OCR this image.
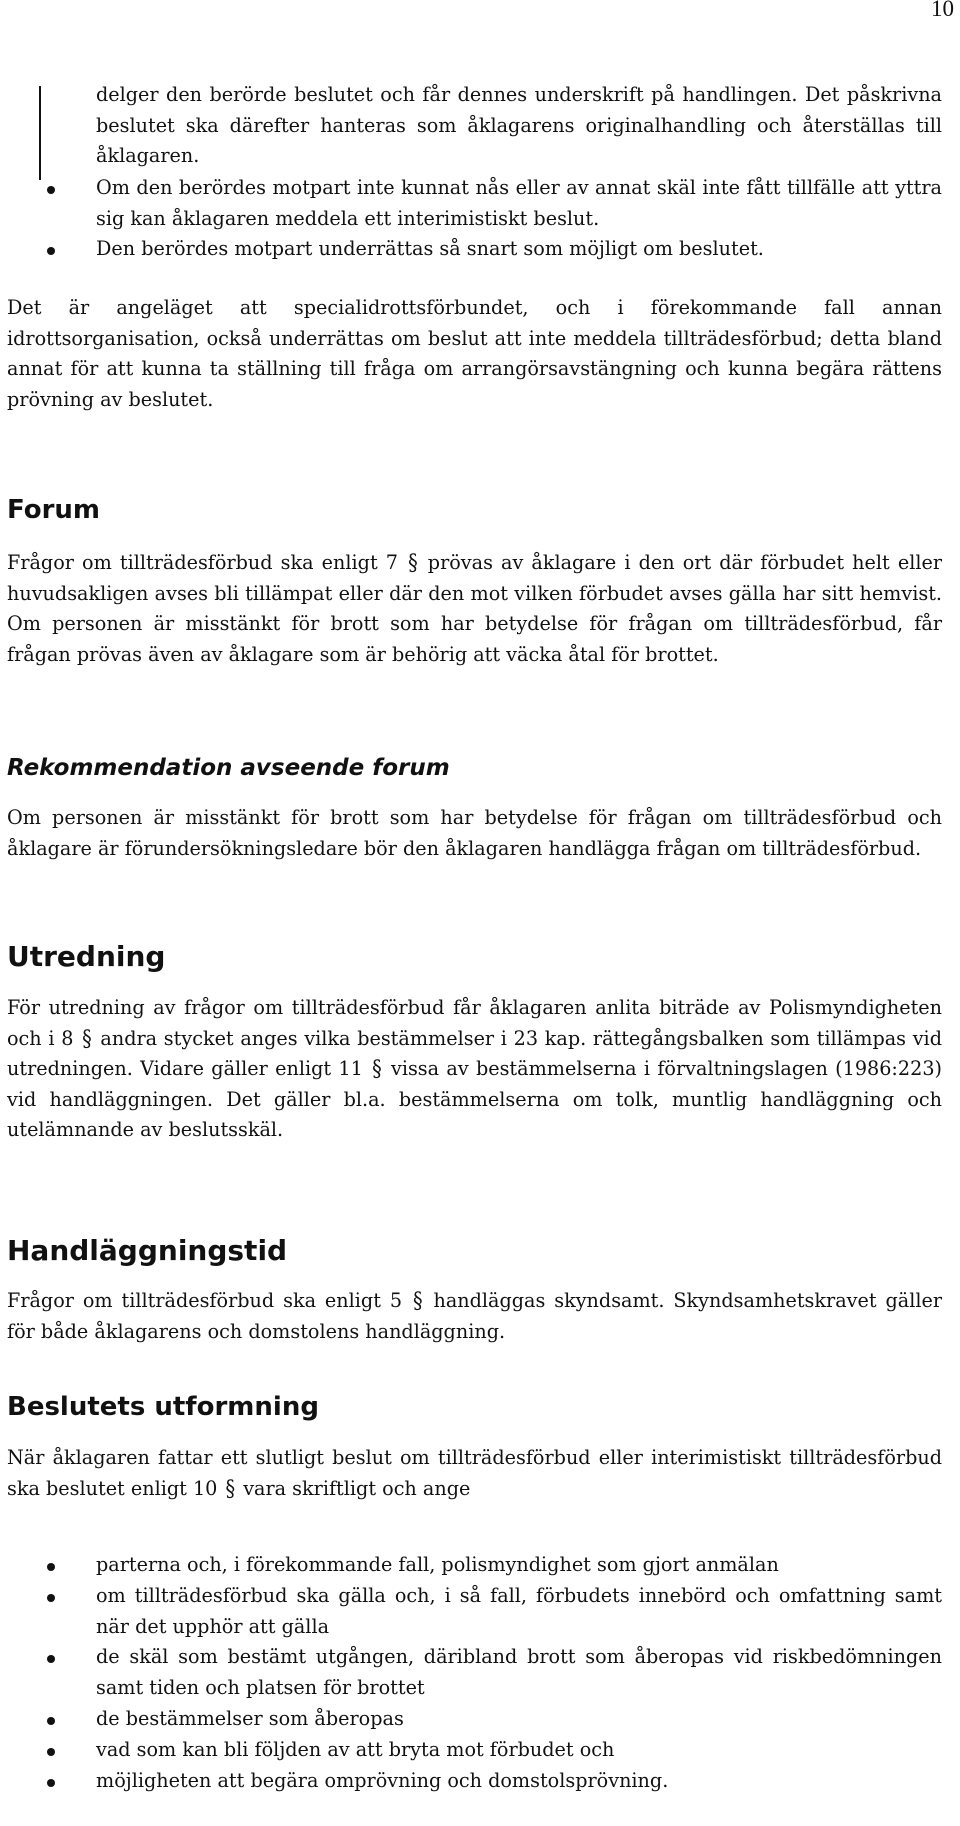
10
delger den berörde beslutet och får dennes underskrift på handlingen. Det påskrivna beslutet ska därefter hanteras som åklagarens originalhandling och återställas till åklagaren.
Om den berördes motpart inte kunnat nås eller av annat skäl inte fått tillfälle att yttra sig kan åklagaren meddela ett interimistiskt beslut.
Den berördes motpart underrättas så snart som möjligt om beslutet.
Det är angeläget att specialidrottsförbundet, och i förekommande fall annan idrottsorganisation, också underrättas om beslut att inte meddela tillträdesförbud; detta bland annat för att kunna ta ställning till fråga om arrangörsavstängning och kunna begära rättens prövning av beslutet.
Forum
Frågor om tillträdesförbud ska enligt 7 § prövas av åklagare i den ort där förbudet helt eller huvudsakligen avses bli tillämpat eller där den mot vilken förbudet avses gälla har sitt hemvist. Om personen är misstänkt för brott som har betydelse för frågan om tillträdesförbud, får frågan prövas även av åklagare som är behörig att väcka åtal för brottet.
Rekommendation avseende forum
Om personen är misstänkt för brott som har betydelse för frågan om tillträdesförbud och åklagare är förundersökningsledare bör den åklagaren handlägga frågan om tillträdesförbud.
Utredning
För utredning av frågor om tillträdesförbud får åklagaren anlita biträde av Polismyndigheten och i 8 § andra stycket anges vilka bestämmelser i 23 kap. rättegångsbalken som tillämpas vid utredningen. Vidare gäller enligt 11 § vissa av bestämmelserna i förvaltningslagen (1986:223) vid handläggningen. Det gäller bl.a. bestämmelserna om tolk, muntlig handläggning och utelämnande av beslutsskäl.
Handläggningstid
Frågor om tillträdesförbud ska enligt 5 § handläggas skyndsamt. Skyndsamhetskravet gäller för både åklagarens och domstolens handläggning.
Beslutets utformning
När åklagaren fattar ett slutligt beslut om tillträdesförbud eller interimistiskt tillträdesförbud ska beslutet enligt 10 § vara skriftligt och ange
parterna och, i förekommande fall, polismyndighet som gjort anmälan
om tillträdesförbud ska gälla och, i så fall, förbudets innebörd och omfattning samt när det upphör att gälla
de skäl som bestämt utgången, däribland brott som åberopas vid riskbedömningen samt tiden och platsen för brottet
de bestämmelser som åberopas
vad som kan bli följden av att bryta mot förbudet och
möjligheten att begära omprövning och domstolsprövning.
